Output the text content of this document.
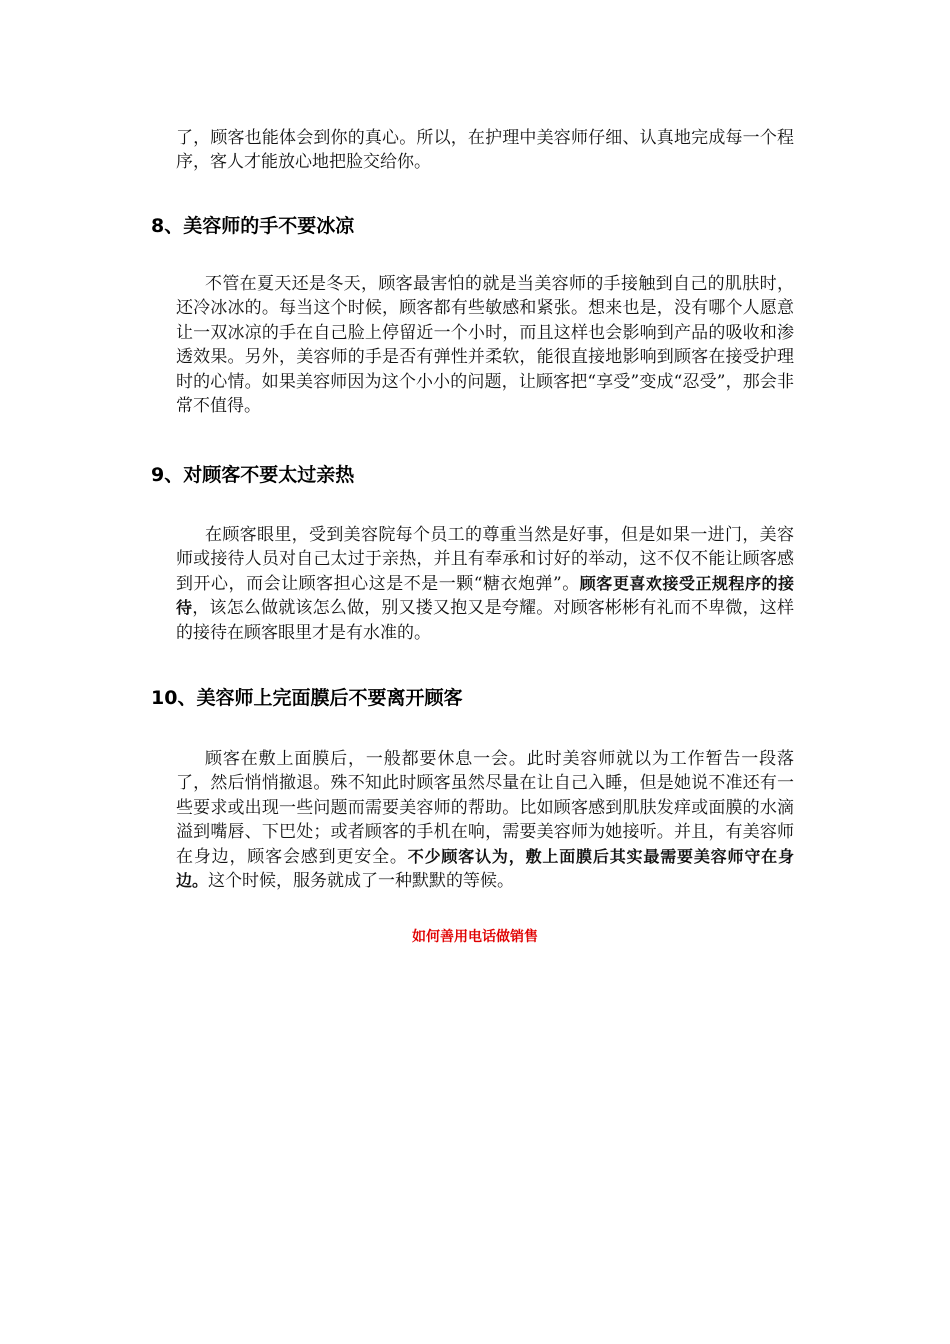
了，顾客也能体会到你的真心。所以，在护理中美容师仔细、认真地完成每一个程序，客人才能放心地把脸交给你。

8、美容师的手不要冰凉

不管在夏天还是冬天，顾客最害怕的就是当美容师的手接触到自己的肌肤时，还冷冰冰的。每当这个时候，顾客都有些敏感和紧张。想来也是，没有哪个人愿意让一双冰凉的手在自己脸上停留近一个小时，而且这样也会影响到产品的吸收和渗透效果。另外，美容师的手是否有弹性并柔软，能很直接地影响到顾客在接受护理时的心情。如果美容师因为这个小小的问题，让顾客把“享受”变成“忍受”，那会非常不值得。

9、对顾客不要太过亲热

在顾客眼里，受到美容院每个员工的尊重当然是好事，但是如果一进门，美容师或接待人员对自己太过于亲热，并且有奉承和讨好的举动，这不仅不能让顾客感到开心，而会让顾客担心这是不是一颗“糖衣炮弹”。顾客更喜欢接受正规程序的接待，该怎么做就该怎么做，别又搂又抱又是夸耀。对顾客彬彬有礼而不卑微，这样的接待在顾客眼里才是有水准的。

10、美容师上完面膜后不要离开顾客

顾客在敷上面膜后，一般都要休息一会。此时美容师就以为工作暂告一段落了，然后悄悄撤退。殊不知此时顾客虽然尽量在让自己入睡，但是她说不准还有一些要求或出现一些问题而需要美容师的帮助。比如顾客感到肌肤发痒或面膜的水滴溢到嘴唇、下巴处；或者顾客的手机在响，需要美容师为她接听。并且，有美容师在身边，顾客会感到更安全。不少顾客认为，敷上面膜后其实最需要美容师守在身边。这个时候，服务就成了一种默默的等候。

如何善用电话做销售
